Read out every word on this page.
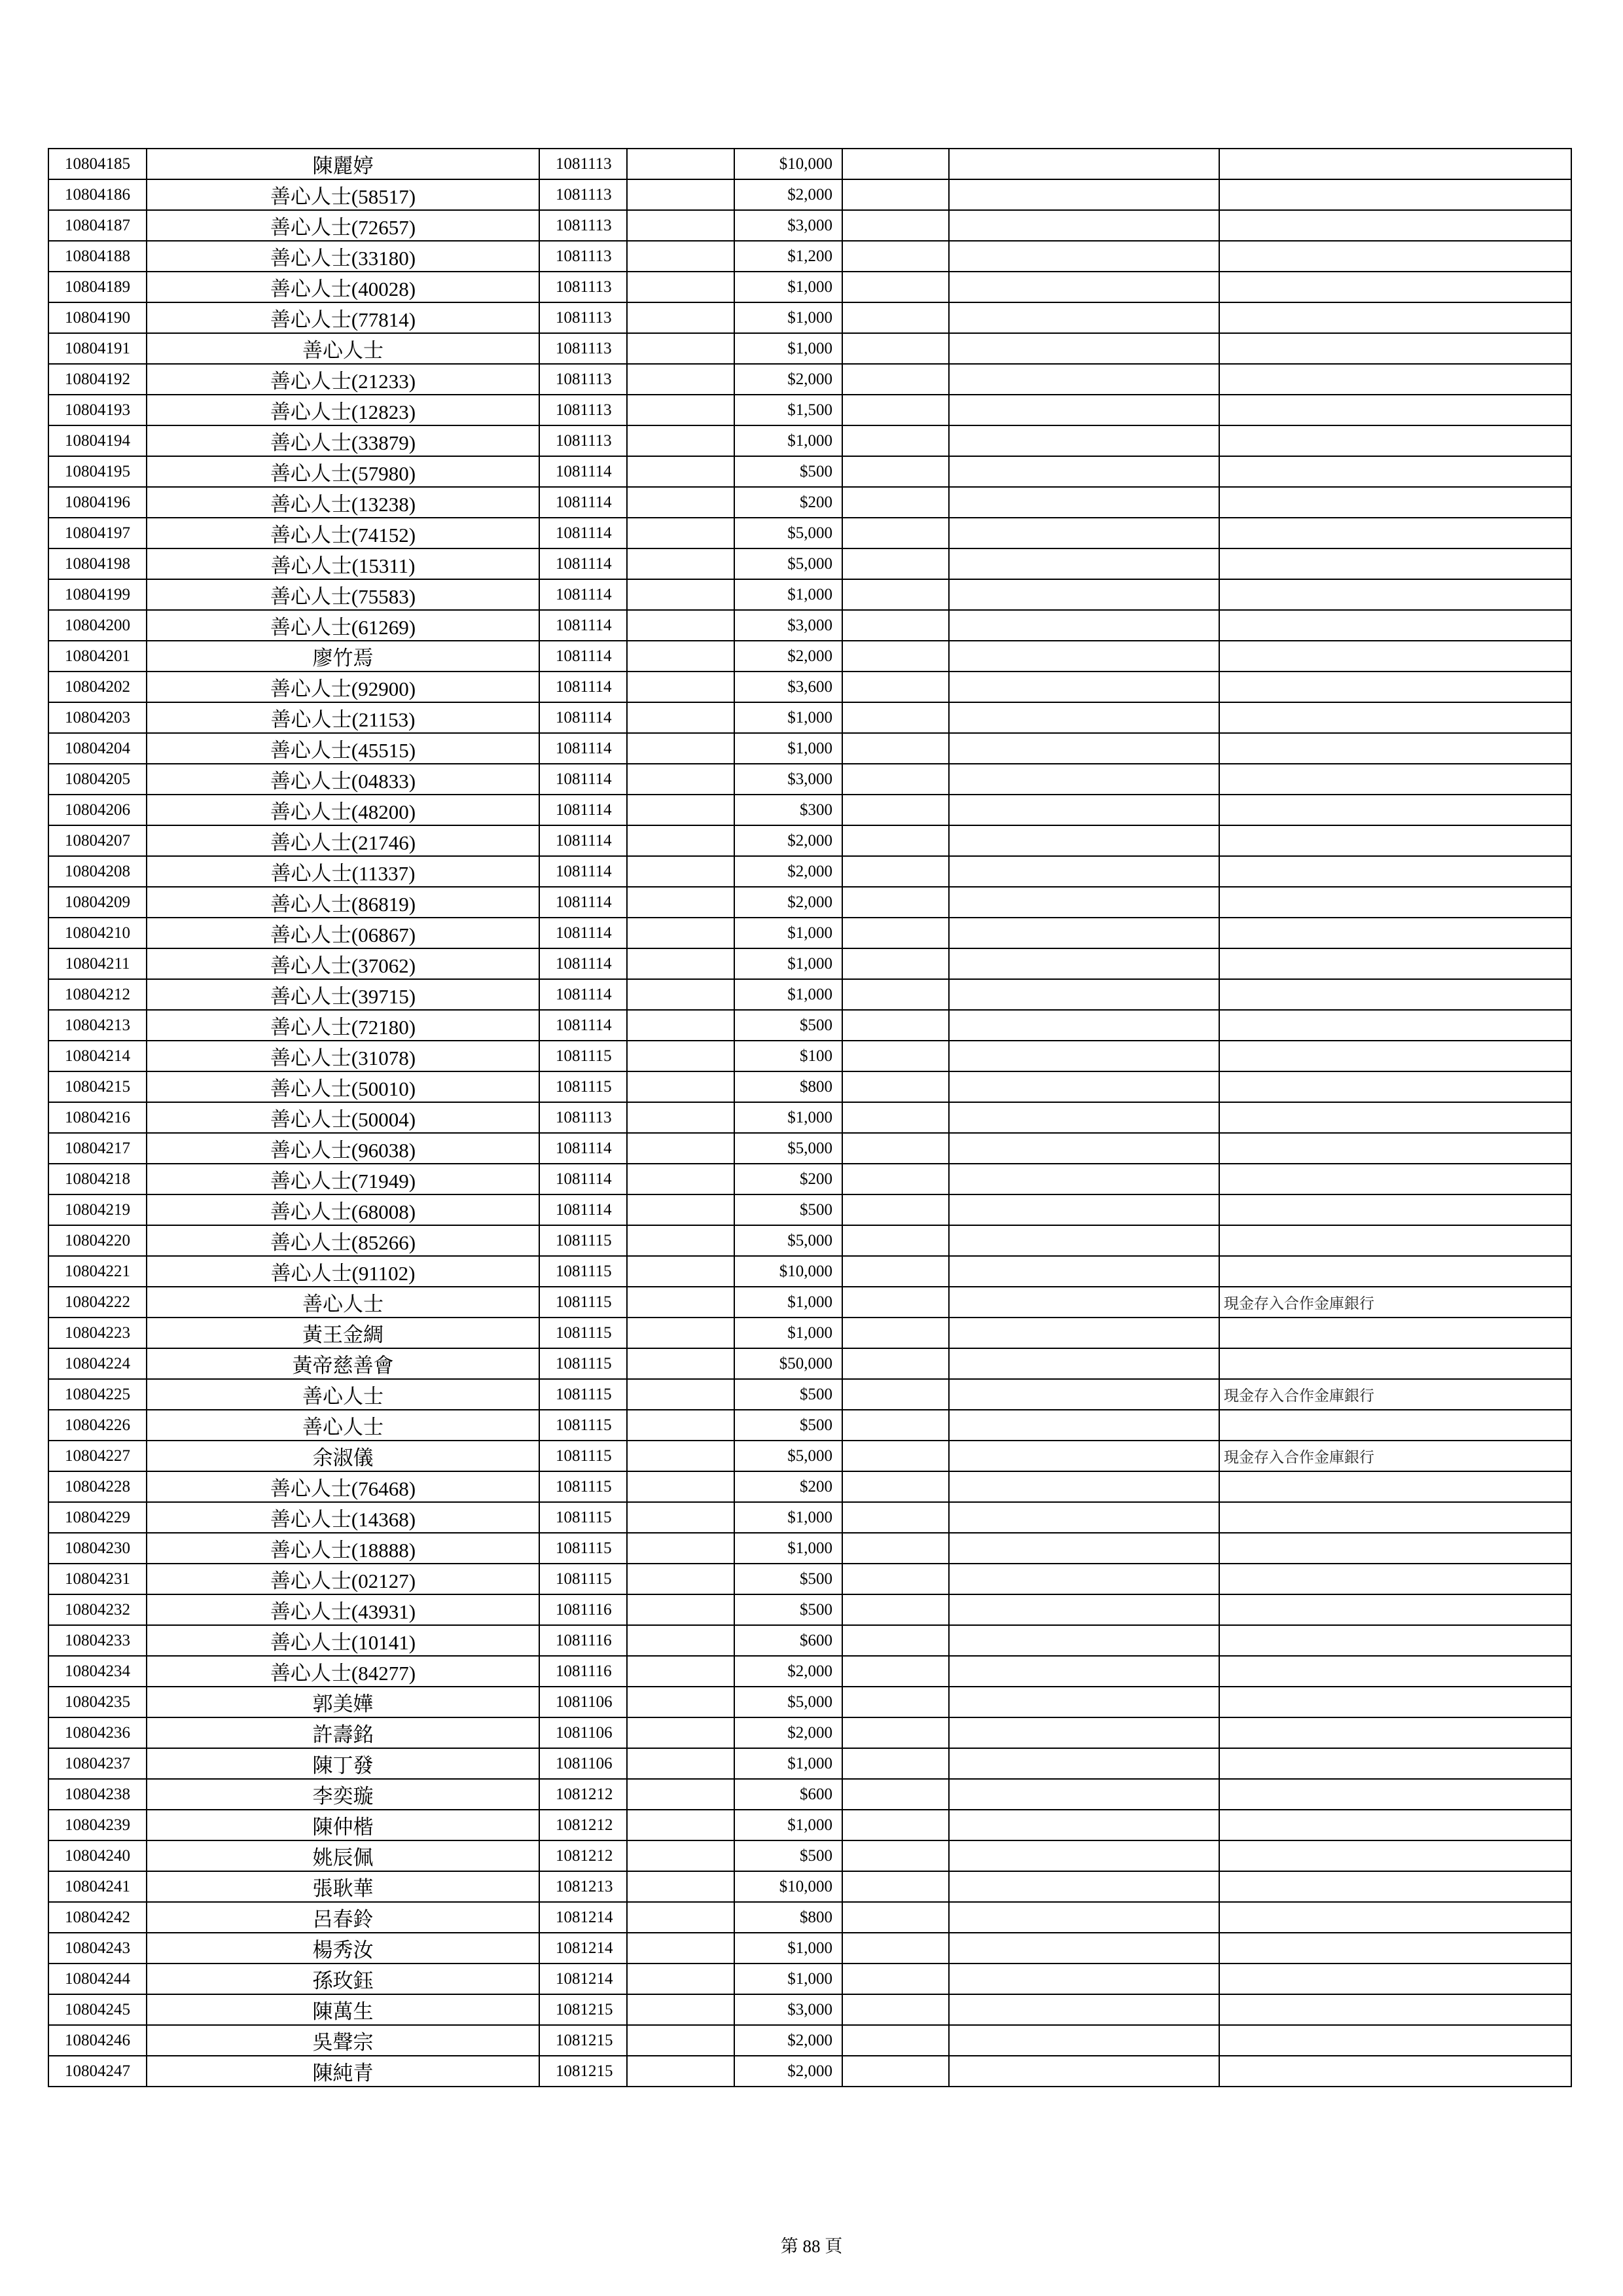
10804185	陳麗婷	1081113		$10,000			
10804186	善心人士(58517)	1081113		$2,000			
10804187	善心人士(72657)	1081113		$3,000			
10804188	善心人士(33180)	1081113		$1,200			
10804189	善心人士(40028)	1081113		$1,000			
10804190	善心人士(77814)	1081113		$1,000			
10804191	善心人士	1081113		$1,000			
10804192	善心人士(21233)	1081113		$2,000			
10804193	善心人士(12823)	1081113		$1,500			
10804194	善心人士(33879)	1081113		$1,000			
10804195	善心人士(57980)	1081114		$500			
10804196	善心人士(13238)	1081114		$200			
10804197	善心人士(74152)	1081114		$5,000			
10804198	善心人士(15311)	1081114		$5,000			
10804199	善心人士(75583)	1081114		$1,000			
10804200	善心人士(61269)	1081114		$3,000			
10804201	廖竹焉	1081114		$2,000			
10804202	善心人士(92900)	1081114		$3,600			
10804203	善心人士(21153)	1081114		$1,000			
10804204	善心人士(45515)	1081114		$1,000			
10804205	善心人士(04833)	1081114		$3,000			
10804206	善心人士(48200)	1081114		$300			
10804207	善心人士(21746)	1081114		$2,000			
10804208	善心人士(11337)	1081114		$2,000			
10804209	善心人士(86819)	1081114		$2,000			
10804210	善心人士(06867)	1081114		$1,000			
10804211	善心人士(37062)	1081114		$1,000			
10804212	善心人士(39715)	1081114		$1,000			
10804213	善心人士(72180)	1081114		$500			
10804214	善心人士(31078)	1081115		$100			
10804215	善心人士(50010)	1081115		$800			
10804216	善心人士(50004)	1081113		$1,000			
10804217	善心人士(96038)	1081114		$5,000			
10804218	善心人士(71949)	1081114		$200			
10804219	善心人士(68008)	1081114		$500			
10804220	善心人士(85266)	1081115		$5,000			
10804221	善心人士(91102)	1081115		$10,000			
10804222	善心人士	1081115		$1,000			現金存入合作金庫銀行
10804223	黃王金綢	1081115		$1,000			
10804224	黃帝慈善會	1081115		$50,000			
10804225	善心人士	1081115		$500			現金存入合作金庫銀行
10804226	善心人士	1081115		$500			
10804227	余淑儀	1081115		$5,000			現金存入合作金庫銀行
10804228	善心人士(76468)	1081115		$200			
10804229	善心人士(14368)	1081115		$1,000			
10804230	善心人士(18888)	1081115		$1,000			
10804231	善心人士(02127)	1081115		$500			
10804232	善心人士(43931)	1081116		$500			
10804233	善心人士(10141)	1081116		$600			
10804234	善心人士(84277)	1081116		$2,000			
10804235	郭美嬅	1081106		$5,000			
10804236	許壽銘	1081106		$2,000			
10804237	陳丁發	1081106		$1,000			
10804238	李奕璇	1081212		$600			
10804239	陳仲楷	1081212		$1,000			
10804240	姚辰佩	1081212		$500			
10804241	張耿華	1081213		$10,000			
10804242	呂春鈴	1081214		$800			
10804243	楊秀汝	1081214		$1,000			
10804244	孫玫鈺	1081214		$1,000			
10804245	陳萬生	1081215		$3,000			
10804246	吳聲宗	1081215		$2,000			
10804247	陳純青	1081215		$2,000			
第 88 頁
